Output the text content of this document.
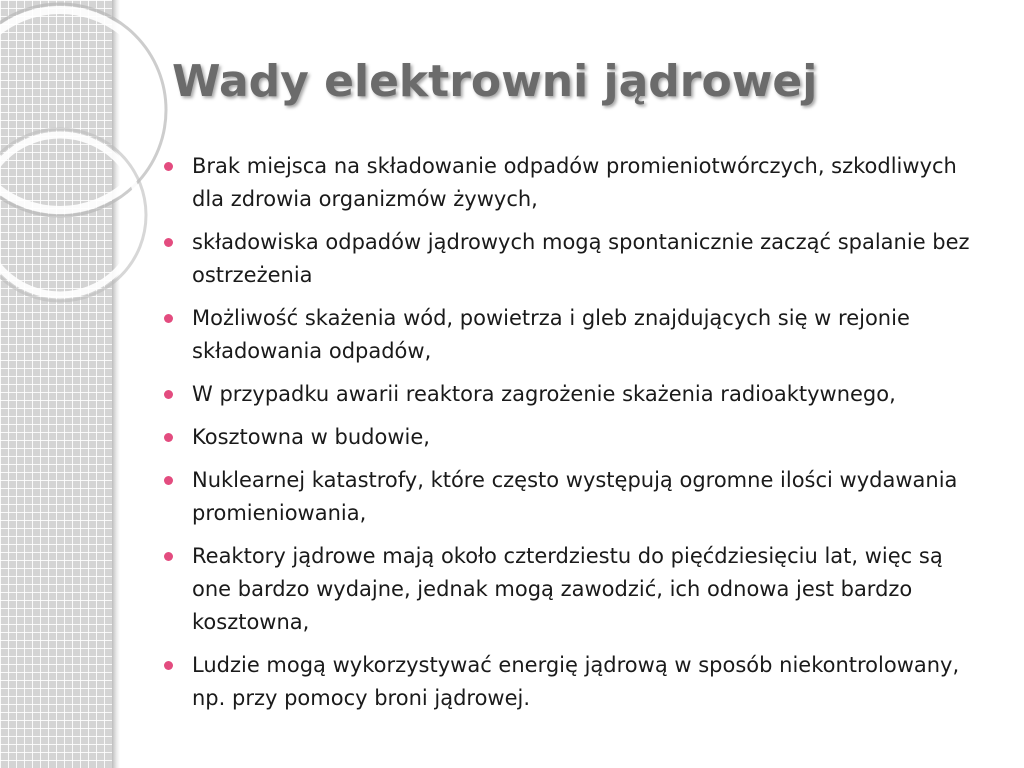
Wady elektrowni jądrowej
Brak miejsca na składowanie odpadów promieniotwórczych, szkodliwych dla zdrowia organizmów żywych,
składowiska odpadów jądrowych mogą spontanicznie zacząć spalanie bez ostrzeżenia
Możliwość skażenia wód, powietrza i gleb znajdujących się w rejonie składowania odpadów,
W przypadku awarii reaktora zagrożenie skażenia radioaktywnego,
Kosztowna w budowie,
Nuklearnej katastrofy, które często występują ogromne ilości wydawania promieniowania,
Reaktory jądrowe mają około czterdziestu do pięćdziesięciu lat, więc są one bardzo wydajne, jednak mogą zawodzić, ich odnowa jest bardzo kosztowna,
Ludzie mogą wykorzystywać energię jądrową w sposób niekontrolowany, np. przy pomocy broni jądrowej.
